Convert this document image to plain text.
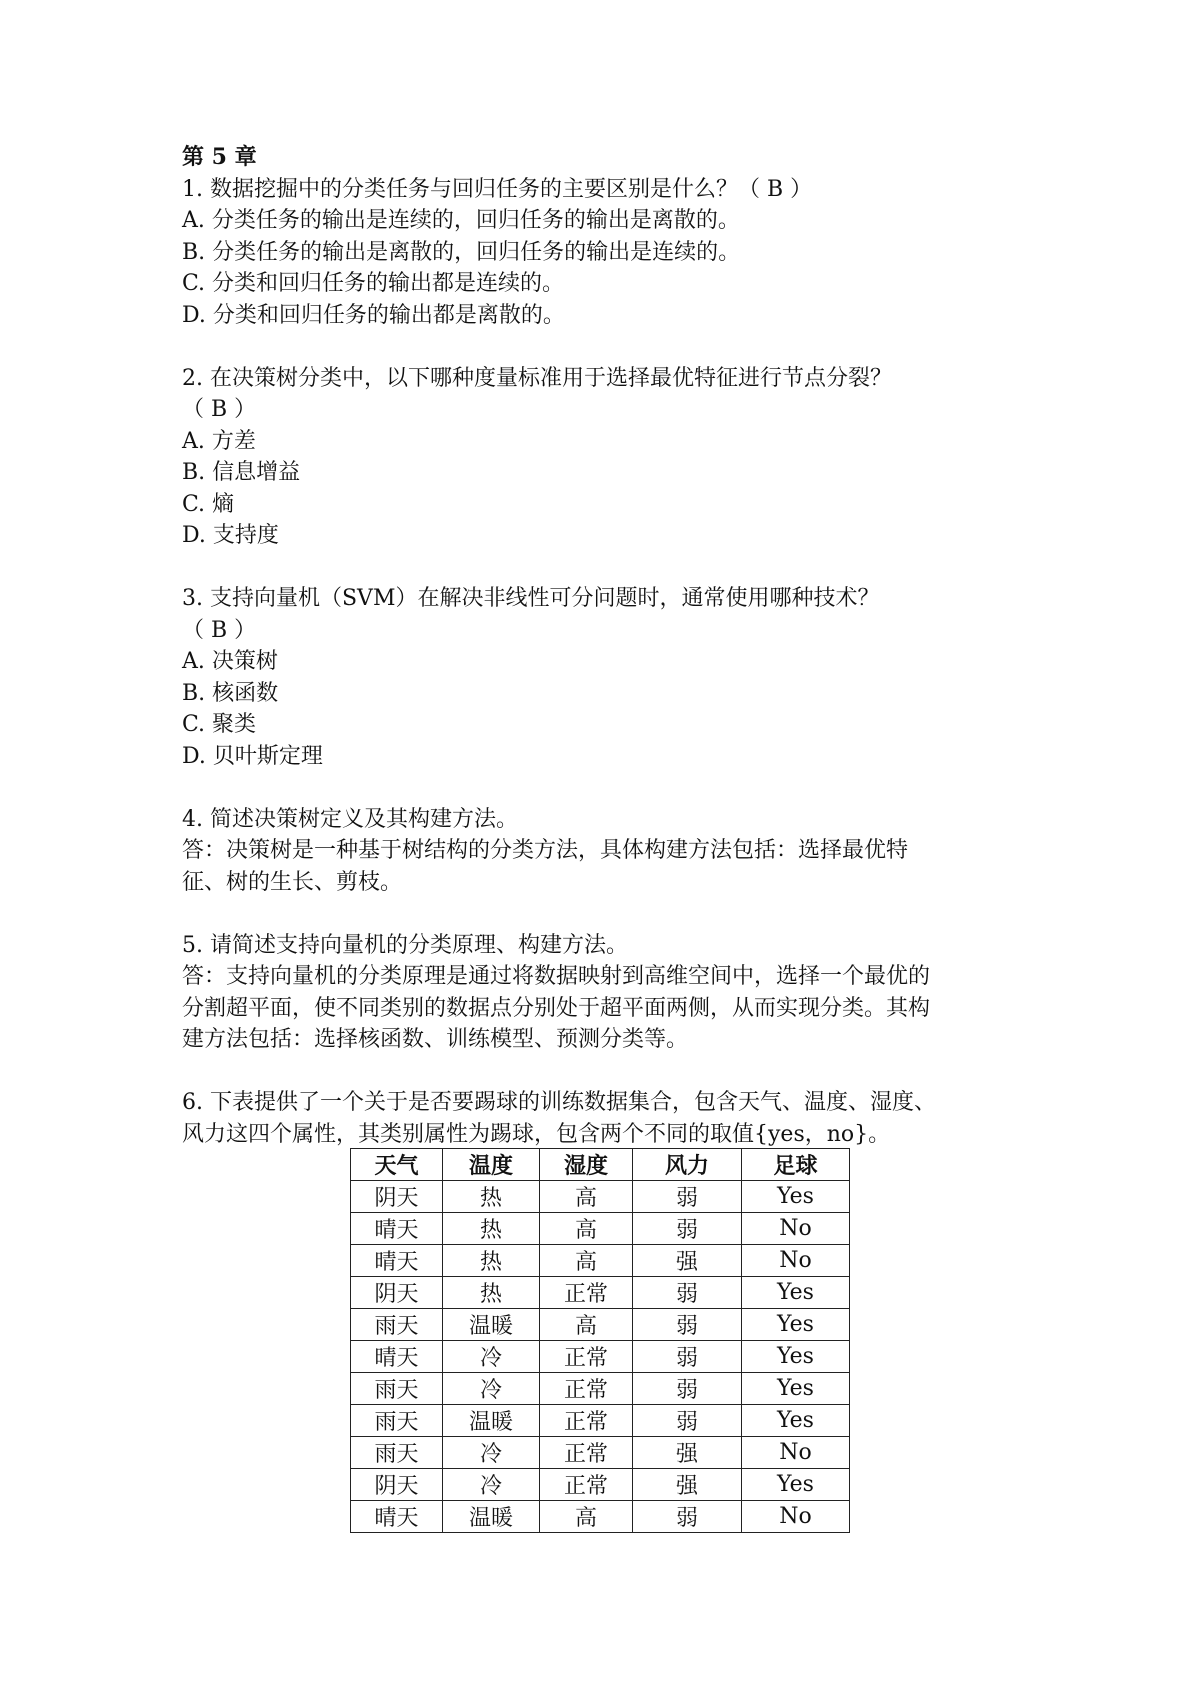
第 5 章

1. 数据挖掘中的分类任务与回归任务的主要区别是什么？（ B ）

A. 分类任务的输出是连续的，回归任务的输出是离散的。

B. 分类任务的输出是离散的，回归任务的输出是连续的。

C. 分类和回归任务的输出都是连续的。

D. 分类和回归任务的输出都是离散的。

2. 在决策树分类中，以下哪种度量标准用于选择最优特征进行节点分裂？

（ B ）

A. 方差

B. 信息增益

C. 熵

D. 支持度

3. 支持向量机（SVM）在解决非线性可分问题时，通常使用哪种技术？

（ B ）

A. 决策树

B. 核函数

C. 聚类

D. 贝叶斯定理

4. 简述决策树定义及其构建方法。

答：决策树是一种基于树结构的分类方法，具体构建方法包括：选择最优特

征、树的生长、剪枝。

5. 请简述支持向量机的分类原理、构建方法。

答：支持向量机的分类原理是通过将数据映射到高维空间中，选择一个最优的

分割超平面，使不同类别的数据点分别处于超平面两侧，从而实现分类。其构

建方法包括：选择核函数、训练模型、预测分类等。

6. 下表提供了一个关于是否要踢球的训练数据集合，包含天气、温度、湿度、

风力这四个属性，其类别属性为踢球，包含两个不同的取值{yes，no}。

天气	温度	湿度	风力	足球
阴天	热	高	弱	Yes
晴天	热	高	弱	No
晴天	热	高	强	No
阴天	热	正常	弱	Yes
雨天	温暖	高	弱	Yes
晴天	冷	正常	弱	Yes
雨天	冷	正常	弱	Yes
雨天	温暖	正常	弱	Yes
雨天	冷	正常	强	No
阴天	冷	正常	强	Yes
晴天	温暖	高	弱	No
